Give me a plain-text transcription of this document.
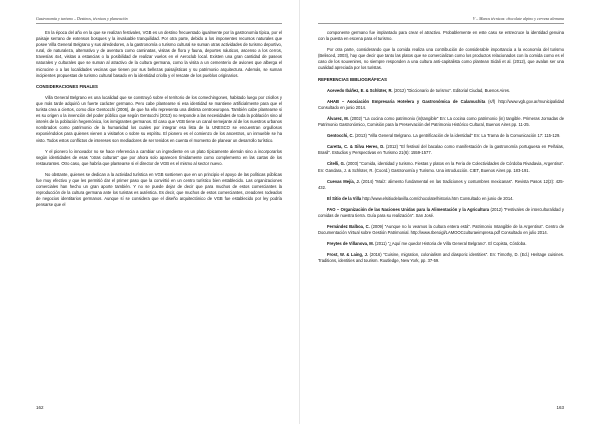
Gastronomía y turismo – Destinos, técnicas y planeación

En la época del año en la que se realizan festivales, VGB es un destino frecuentado igualmente por la gastronomía típica, por el paisaje serrano de extensos bosques y la invaluable tranquilidad. Por otra parte, debido a los imponentes recursos naturales que posee Villa General Belgrano y sus alrededores, a la gastronomía o turismo cultural se suman otras actividades de turismo deportivo, rural, de naturaleza, alternativo y de aventura como caminatas, visitas de flora y fauna, deportes náuticos, ascenso a los cerros, travesías 4x4, visitas a estancias o la posibilidad de realizar vuelos en el Aeroclub local. Existen una gran cantidad de paseos naturales y culturales que se suman al atractivo de la cultura germana, como la visita a un cementerio de aviones que alberga el microcine o a las localidades vecinas que tienen por sus bellezas paisajísticas y su patrimonio arquitectura. Además, se suman incipientes propuestas de turismo cultural basado en la identidad criolla y el rescate de los pueblos originarios.

CONSIDERACIONES FINALES

Villa General Belgrano es una localidad que se construyó sobre el territorio de los comechingones, habitado luego por criollos y que más tarde adquirió un fuerte carácter germano. Pero cabe plantearse si esa identidad se mantiene artificialmente para que el turista crea a ciertos, como dice Gentocchi (2006), de que ha ello representa una distinta centroeuropea. También cabe plantearse si es su origen o la invención del poder público que según Gentocchi (2013) no responde a las necesidades de toda la población sino al interés de la población hegemónica, los inmigrantes germanos. El caso que VGB tiene un canal semejante al de los nuestros urbanos nombrados como patrimonio de la humanidad los cuales por integrar esa lista de la UNESCO se encuentran orgullosos exponiéndolos para quienes vienen a visitarlos o sobre su espíritu. El pionero es el comienzo de los ancestros, un inmueble se ha visto. Todos estos conflictos de intereses son mediadores de ser tenidos en cuenta el momento de planear un desarrollo turístico.

Y el pionero lo innovador no se hace referencia a cambiar un ingrediente en un plato típicamente alemán sino a incorporarlos según identidades de esas "otras culturas" que por ahora solo aparecen tímidamente como complemento en las cartas de los restaurantes. Otro caso, que habría que plantearse si el director de VGB es el mismo al sector nuevo.

No obstante, quienes se dedican a la actividad turística en VGB sostienen que en un principio el apoyo de las políticas públicas fue muy efectivo y que les permitió dar el primer paso que la convirtió en un centro turístico bien establecido. Las organizaciones comerciales han hecho un gran aporte también. Y no se puede dejar de decir que para muchos de estos comerciantes la reproducción de la cultura germana ante los turistas es auténtica. Es decir, que muchos de estos comerciantes, creadores rodeados de negocios identitarios germanos. Aunque sí se considera que el diseño arquitectónico de VGB fue establecido por ley podría pensarse que el

162
V – Manos técnicas: chocolate alpino y cerveza alemana

componente germano fue implantado para crear el atractivo. Probablemente en este caso se entrecruce la identidad genuina con la puesta en escena para el turismo.

Por otra parte, considerando que la comida realiza una contribución de considerable importancia a la economía del turismo (Belisced, 2003), hay que decir que tanto las platos que se comercializan como los productos relacionados con la comida como es el caso de los souvenires, no siempre responden a una cultura anti-capitalista como plantean Sidali et al. (2012), que avalan ser una cualidad apreciada por los turistas.

REFERENCIAS BIBLIOGRÁFICAS

Acevedo Ibáñez, E. & Schlüter, R. (2012) "Diccionario de turismo". Editorial Ciudad, Buenos Aires.

AHAB – Asociación Empresaria Hotelera y Gastronómica de Calamuchita (s/f) http://www.vgb.gov.ar/municipalidad Consultado en junio 2014.

Álvarez, M. (2002) "La cocina como patrimonio (in)tangible" En: La cocina como patrimonio (in) tangible. Primeras Jornadas de Patrimonio Gastronómico, Comisión para la Preservación del Patrimonio Histórico Cultural, Buenos Aires pp. 11-25.

Gentocchi, C. (2013) "Villa General Belgrano. La gentrificación de la identidad" En: La Trama de la Comunicación 17: 115-129.

Caretta, C. & Silva Heres, D. (2012) "El festival del bacalao como manifestación de la gastronomía portuguesa en Peñalas, Brasil". Estudios y Perspectivas en Turismo 21(6): 1559-1577.

Citelli, G. (2003) "Comida, identidad y turismo. Fiestas y platos en la Feria de Colectividades de Córdoba Rivadavia, Argentina". En: Gandara, J. & Schlüter, R. (Coord.) Gastronomía y Turismo. Una introducción. CIET, Buenos Aires pp. 183-191.

Cuevas Mejía, J. (2014) "Maíz: alimento fundamental en las tradiciones y costumbres mexicanas". Revista Pasos 12(2): 425-432.

El Sitio de la Villa http://www.elsitiodelavilla.com/chocolate/historia.htm Consultado en junio de 2014.

FAO – Organización de las Naciones Unidas para la Alimentación y la Agricultura (2012) "Festivales de interculturalidad y comidas de nuestra tierra. Guía para su realización". San José.

Fernández Balboa, C. (2009) "Aunque no lo veamos la cultura entera está". Patrimonio Intangible de la Argentina". Centro de Documentación Virtual sobre Gestión Patrimonial. http://www.Iberoigl/LAMOOCculturaeimpresa.pdf Consultado en julio 2014.

Freytes de Villanova, M. (2011) "¿Aquí me quedo! Historia de Villa General Belgrano". El Copista, Córdoba.

Frost, W. & Laing, J. (2016) "Cuisine, migration, colonialism and diasporic identities". En: Timothy, D. (Ed.) Heritage cuisines. Traditions, identities and tourism. Routledge, New York, pp. 37-59.

163
